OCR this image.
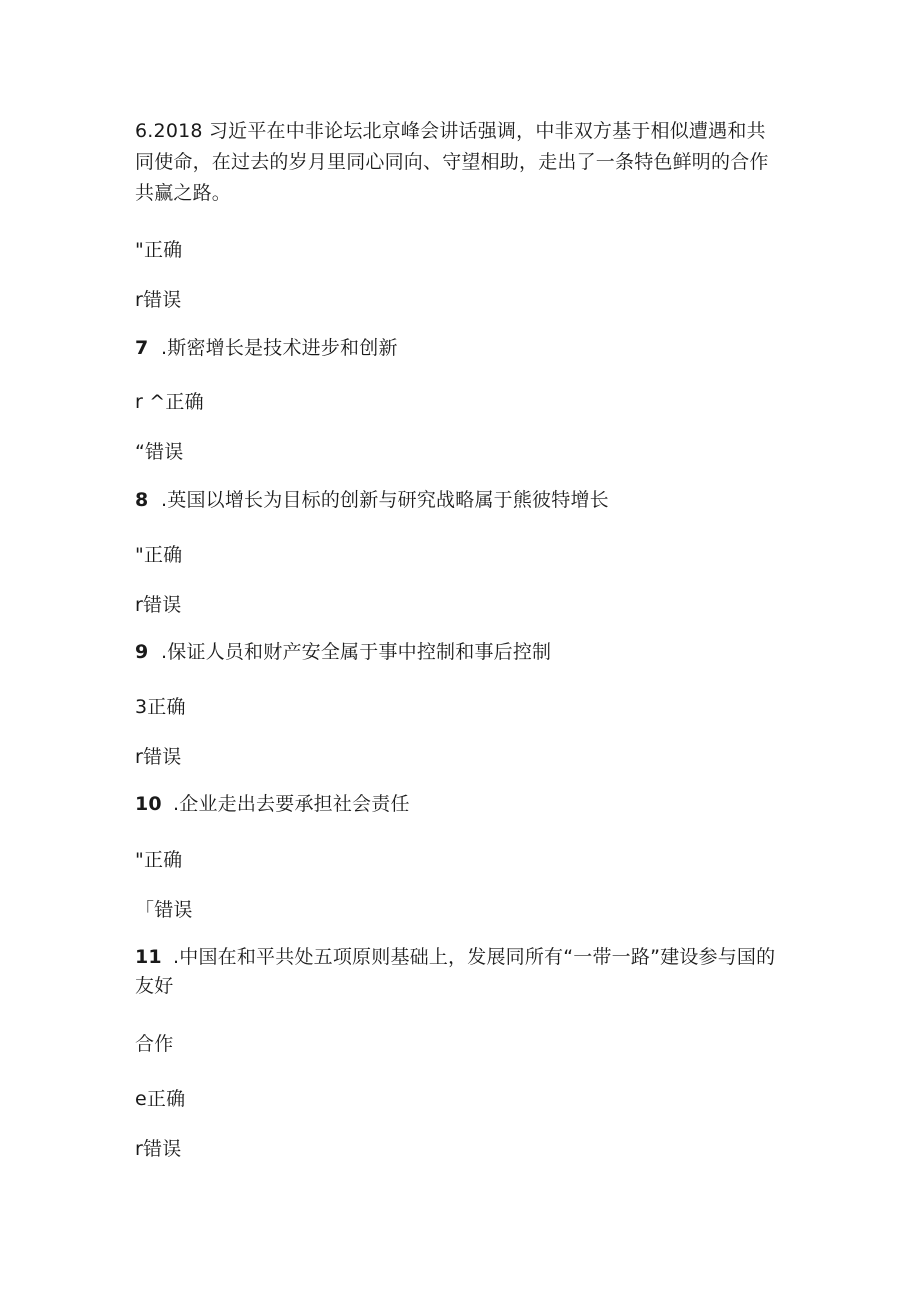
6.2018 习近平在中非论坛北京峰会讲话强调，中非双方基于相似遭遇和共同使命，在过去的岁月里同心同向、守望相助，走出了一条特色鲜明的合作共赢之路。
"正确
r错误
7 .斯密增长是技术进步和创新
r ^正确
“错误
8 .英国以增长为目标的创新与研究战略属于熊彼特增长
"正确
r错误
9 .保证人员和财产安全属于事中控制和事后控制
3正确
r错误
10 .企业走出去要承担社会责任
"正确
「错误
11 .中国在和平共处五项原则基础上，发展同所有“一带一路”建设参与国的
友好
合作
e正确
r错误
